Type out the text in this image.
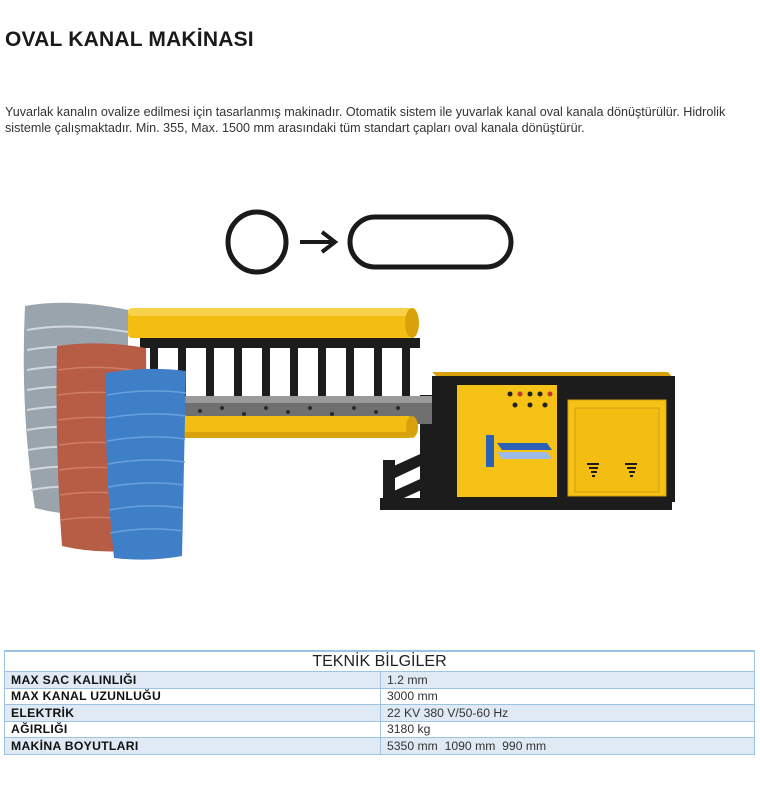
OVAL KANAL MAKİNASI

Yuvarlak kanalın ovalize edilmesi için tasarlanmış makinadır. Otomatik sistem ile yuvarlak kanal oval kanala dönüştürülür. Hidrolik sistemle çalışmaktadır. Min. 355, Max. 1500 mm arasındaki tüm standart çapları oval kanala dönüştürür.

TEKNİK BİLGİLER	
MAX SAC KALINLIĞI	1.2 mm
MAX KANAL UZUNLUĞU	3000 mm
ELEKTRİK	22 KV 380 V/50-60 Hz
AĞIRLIĞI	3180 kg
MAKİNA BOYUTLARI	5350 mm  1090 mm  990 mm
